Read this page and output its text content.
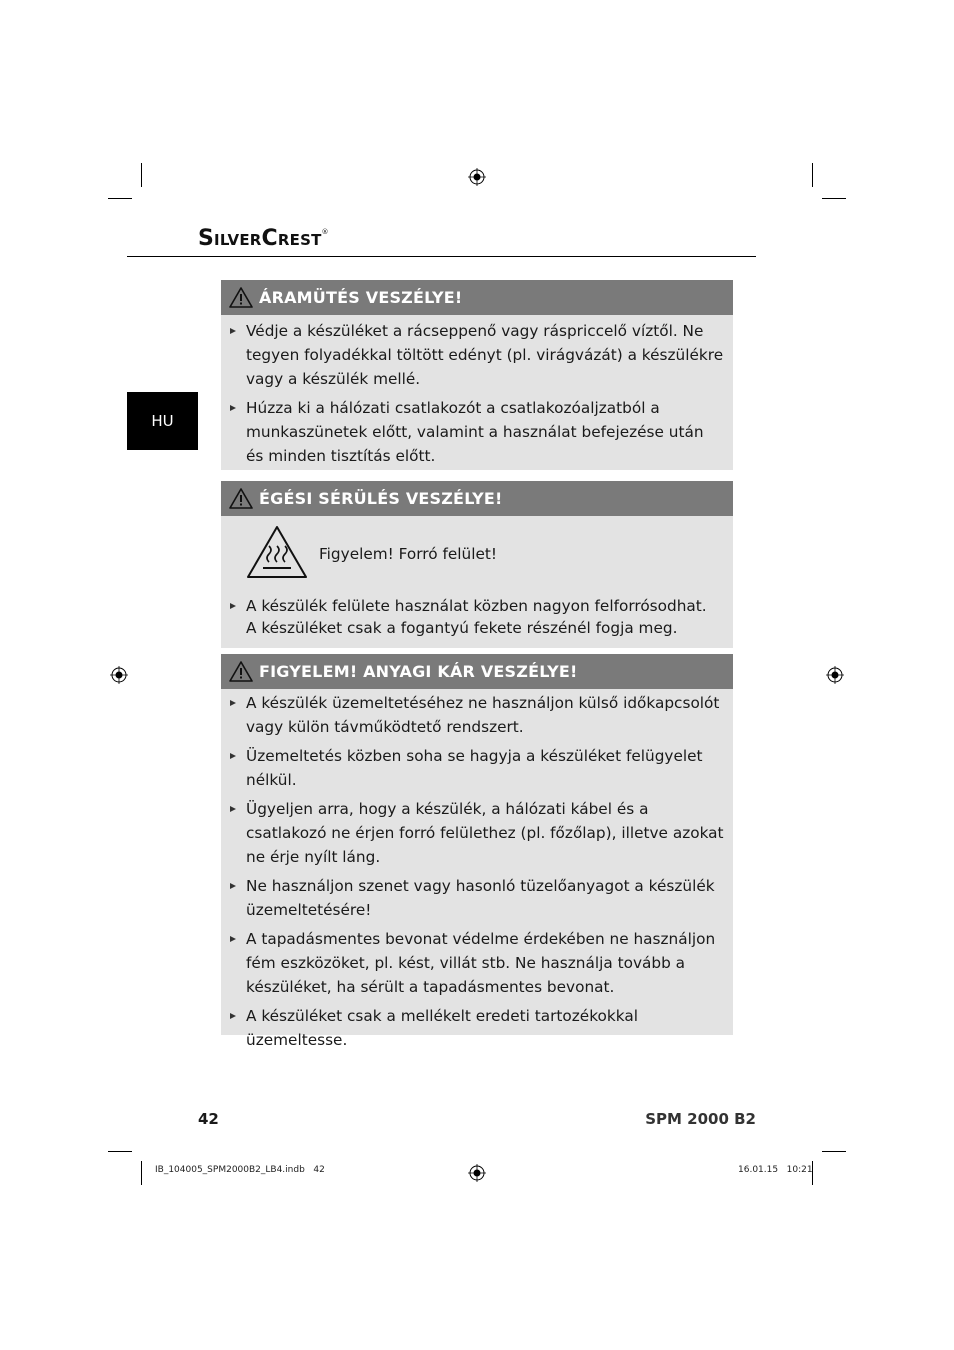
SILVERCREST®
HU
ÁRAMÜTÉS VESZÉLYE!
Védje a készüléket a rácseppenő vagy ráspriccelő víztől. Ne tegyen folyadékkal töltött edényt (pl. virágvázát) a készülékre vagy a készülék mellé.
Húzza ki a hálózati csatlakozót a csatlakozóaljzatból a munkaszünetek előtt, valamint a használat befejezése után és minden tisztítás előtt.
ÉGÉSI SÉRÜLÉS VESZÉLYE!
Figyelem! Forró felület!
A készülék felülete használat közben nagyon felforrósodhat.
A készüléket csak a fogantyú fekete részénél fogja meg.
FIGYELEM! ANYAGI KÁR VESZÉLYE!
A készülék üzemeltetéséhez ne használjon külső időkapcsolót vagy külön távműködtető rendszert.
Üzemeltetés közben soha se hagyja a készüléket felügyelet nélkül.
Ügyeljen arra, hogy a készülék, a hálózati kábel és a csatlakozó ne érjen forró felülethez (pl. főzőlap), illetve azokat ne érje nyílt láng.
Ne használjon szenet vagy hasonló tüzelőanyagot a készülék üzemeltetésére!
A tapadásmentes bevonat védelme érdekében ne használjon fém eszközöket, pl. kést, villát stb. Ne használja tovább a készüléket, ha sérült a tapadásmentes bevonat.
A készüléket csak a mellékelt eredeti tartozékokkal üzemeltesse.
42	SPM 2000 B2
IB_104005_SPM2000B2_LB4.indb   42	16.01.15   10:21
